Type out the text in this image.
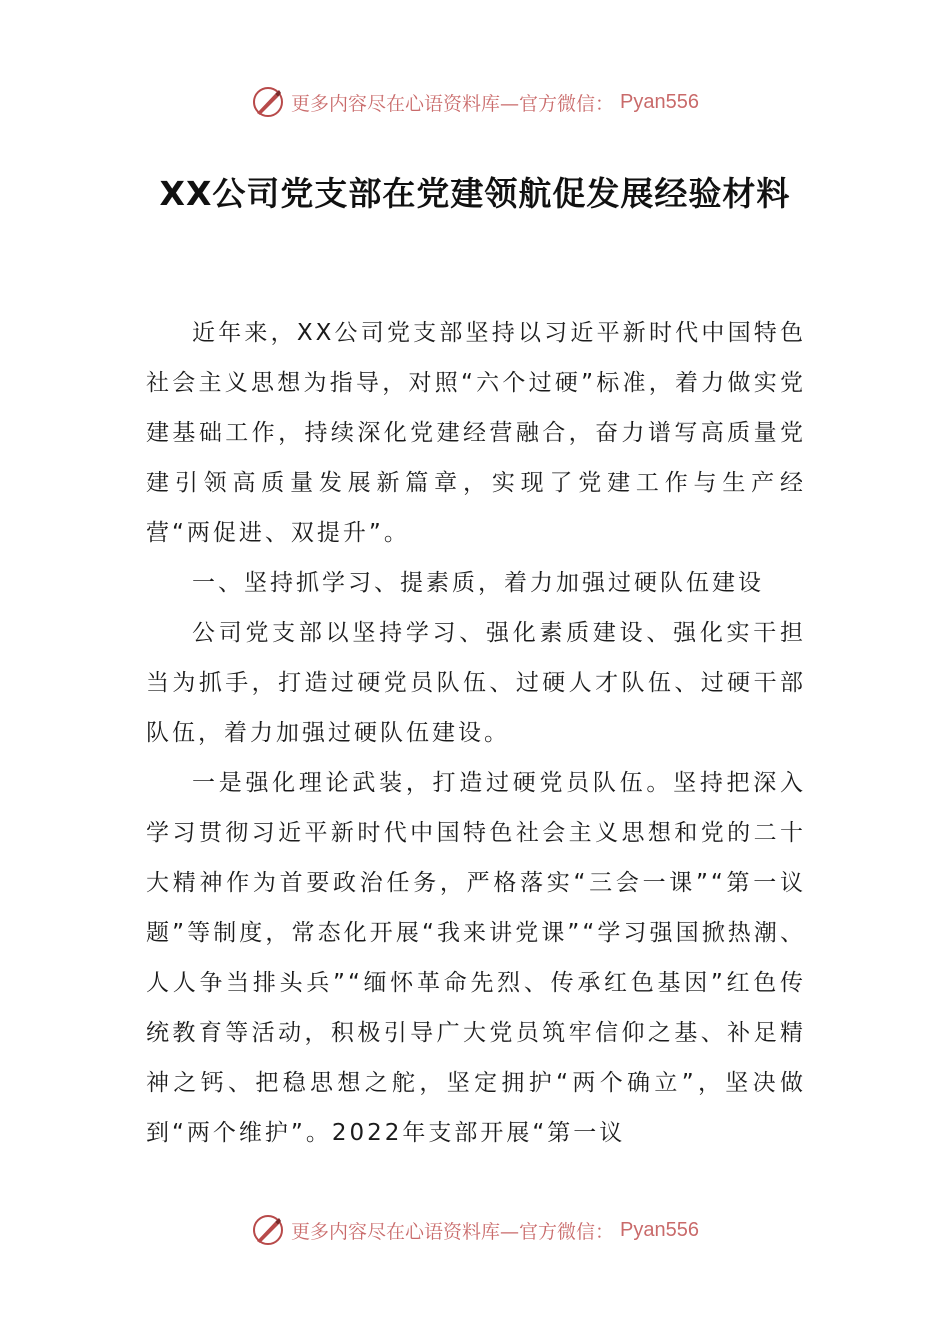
更多内容尽在心语资料库—官方微信： Pyan556
XX公司党支部在党建领航促发展经验材料

近年来，XX公司党支部坚持以习近平新时代中国特色社会主义思想为指导，对照“六个过硬”标准，着力做实党建基础工作，持续深化党建经营融合，奋力谱写高质量党建引领高质量发展新篇章，实现了党建工作与生产经营“两促进、双提升”。

一、坚持抓学习、提素质，着力加强过硬队伍建设

公司党支部以坚持学习、强化素质建设、强化实干担当为抓手，打造过硬党员队伍、过硬人才队伍、过硬干部队伍，着力加强过硬队伍建设。

一是强化理论武装，打造过硬党员队伍。坚持把深入学习贯彻习近平新时代中国特色社会主义思想和党的二十大精神作为首要政治任务，严格落实“三会一课”“第一议题”等制度，常态化开展“我来讲党课”“学习强国掀热潮、人人争当排头兵”“缅怀革命先烈、传承红色基因”红色传统教育等活动，积极引导广大党员筑牢信仰之基、补足精神之钙、把稳思想之舵，坚定拥护“两个确立”，坚决做到“两个维护”。2022年支部开展“第一议

更多内容尽在心语资料库—官方微信： Pyan556
